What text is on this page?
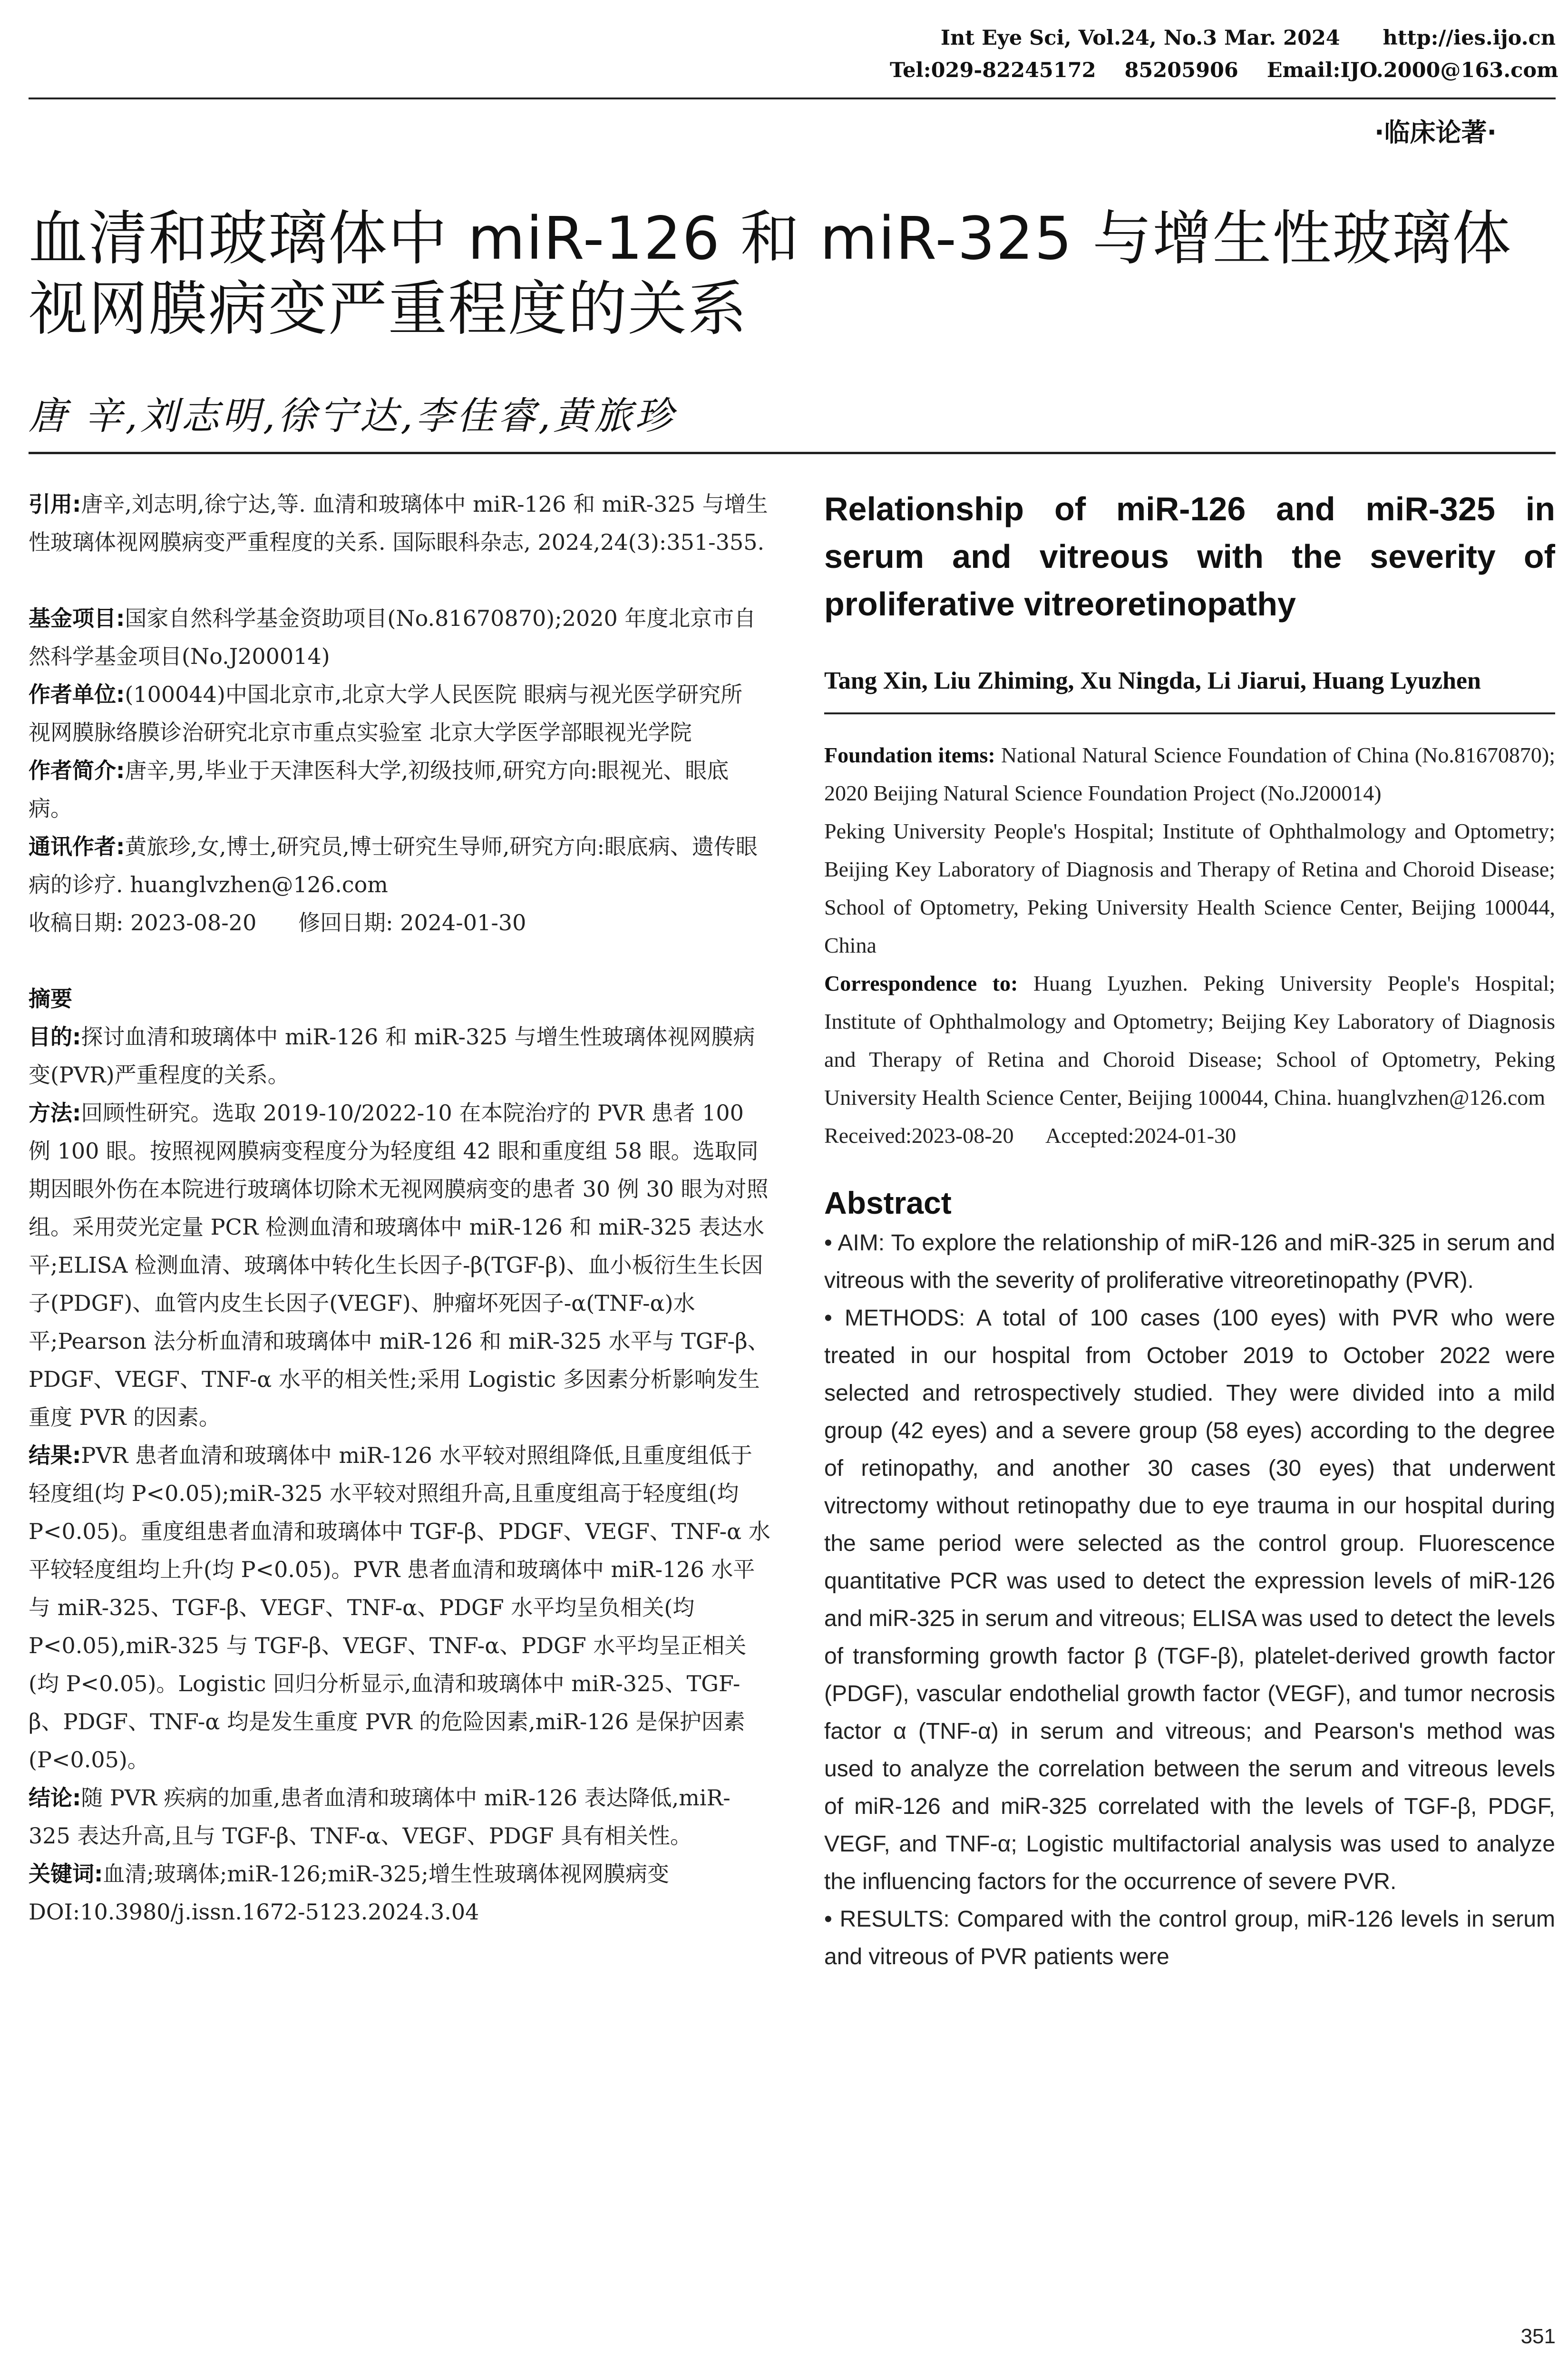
Int Eye Sci, Vol.24, No.3 Mar. 2024      http://ies.ijo.cn
Tel:029-82245172    85205906    Email:IJO.2000@163.com
·临床论著·
血清和玻璃体中 miR-126 和 miR-325 与增生性玻璃体视网膜病变严重程度的关系
唐 辛,刘志明,徐宁达,李佳睿,黄旅珍

引用:唐辛,刘志明,徐宁达,等. 血清和玻璃体中 miR-126 和 miR-325 与增生性玻璃体视网膜病变严重程度的关系. 国际眼科杂志, 2024,24(3):351-355.

基金项目:国家自然科学基金资助项目(No.81670870);2020 年度北京市自然科学基金项目(No.J200014)

作者单位:(100044)中国北京市,北京大学人民医院 眼病与视光医学研究所 视网膜脉络膜诊治研究北京市重点实验室 北京大学医学部眼视光学院

作者简介:唐辛,男,毕业于天津医科大学,初级技师,研究方向:眼视光、眼底病。

通讯作者:黄旅珍,女,博士,研究员,博士研究生导师,研究方向:眼底病、遗传眼病的诊疗. huanglvzhen@126.com

收稿日期: 2023-08-20      修回日期: 2024-01-30

摘要

目的:探讨血清和玻璃体中 miR-126 和 miR-325 与增生性玻璃体视网膜病变(PVR)严重程度的关系。

方法:回顾性研究。选取 2019-10/2022-10 在本院治疗的 PVR 患者 100 例 100 眼。按照视网膜病变程度分为轻度组 42 眼和重度组 58 眼。选取同期因眼外伤在本院进行玻璃体切除术无视网膜病变的患者 30 例 30 眼为对照组。采用荧光定量 PCR 检测血清和玻璃体中 miR-126 和 miR-325 表达水平;ELISA 检测血清、玻璃体中转化生长因子-β(TGF-β)、血小板衍生生长因子(PDGF)、血管内皮生长因子(VEGF)、肿瘤坏死因子-α(TNF-α)水平;Pearson 法分析血清和玻璃体中 miR-126 和 miR-325 水平与 TGF-β、PDGF、VEGF、TNF-α 水平的相关性;采用 Logistic 多因素分析影响发生重度 PVR 的因素。

结果:PVR 患者血清和玻璃体中 miR-126 水平较对照组降低,且重度组低于轻度组(均 P<0.05);miR-325 水平较对照组升高,且重度组高于轻度组(均 P<0.05)。重度组患者血清和玻璃体中 TGF-β、PDGF、VEGF、TNF-α 水平较轻度组均上升(均 P<0.05)。PVR 患者血清和玻璃体中 miR-126 水平与 miR-325、TGF-β、VEGF、TNF-α、PDGF 水平均呈负相关(均 P<0.05),miR-325 与 TGF-β、VEGF、TNF-α、PDGF 水平均呈正相关(均 P<0.05)。Logistic 回归分析显示,血清和玻璃体中 miR-325、TGF-β、PDGF、TNF-α 均是发生重度 PVR 的危险因素,miR-126 是保护因素(P<0.05)。

结论:随 PVR 疾病的加重,患者血清和玻璃体中 miR-126 表达降低,miR-325 表达升高,且与 TGF-β、TNF-α、VEGF、PDGF 具有相关性。

关键词:血清;玻璃体;miR-126;miR-325;增生性玻璃体视网膜病变

DOI:10.3980/j.issn.1672-5123.2024.3.04

Relationship of miR-126 and miR-325 in serum and vitreous with the severity of proliferative vitreoretinopathy

Tang Xin, Liu Zhiming, Xu Ningda, Li Jiarui, Huang Lyuzhen

Foundation items: National Natural Science Foundation of China (No.81670870); 2020 Beijing Natural Science Foundation Project (No.J200014)

Peking University People's Hospital; Institute of Ophthalmology and Optometry; Beijing Key Laboratory of Diagnosis and Therapy of Retina and Choroid Disease; School of Optometry, Peking University Health Science Center, Beijing 100044, China

Correspondence to: Huang Lyuzhen. Peking University People's Hospital; Institute of Ophthalmology and Optometry; Beijing Key Laboratory of Diagnosis and Therapy of Retina and Choroid Disease; School of Optometry, Peking University Health Science Center, Beijing 100044, China. huanglvzhen@126.com

Received:2023-08-20      Accepted:2024-01-30

Abstract

• AIM: To explore the relationship of miR-126 and miR-325 in serum and vitreous with the severity of proliferative vitreoretinopathy (PVR).

• METHODS: A total of 100 cases (100 eyes) with PVR who were treated in our hospital from October 2019 to October 2022 were selected and retrospectively studied. They were divided into a mild group (42 eyes) and a severe group (58 eyes) according to the degree of retinopathy, and another 30 cases (30 eyes) that underwent vitrectomy without retinopathy due to eye trauma in our hospital during the same period were selected as the control group. Fluorescence quantitative PCR was used to detect the expression levels of miR-126 and miR-325 in serum and vitreous; ELISA was used to detect the levels of transforming growth factor β (TGF-β), platelet-derived growth factor (PDGF), vascular endothelial growth factor (VEGF), and tumor necrosis factor α (TNF-α) in serum and vitreous; and Pearson's method was used to analyze the correlation between the serum and vitreous levels of miR-126 and miR-325 correlated with the levels of TGF-β, PDGF, VEGF, and TNF-α; Logistic multifactorial analysis was used to analyze the influencing factors for the occurrence of severe PVR.

• RESULTS: Compared with the control group, miR-126 levels in serum and vitreous of PVR patients were

351
